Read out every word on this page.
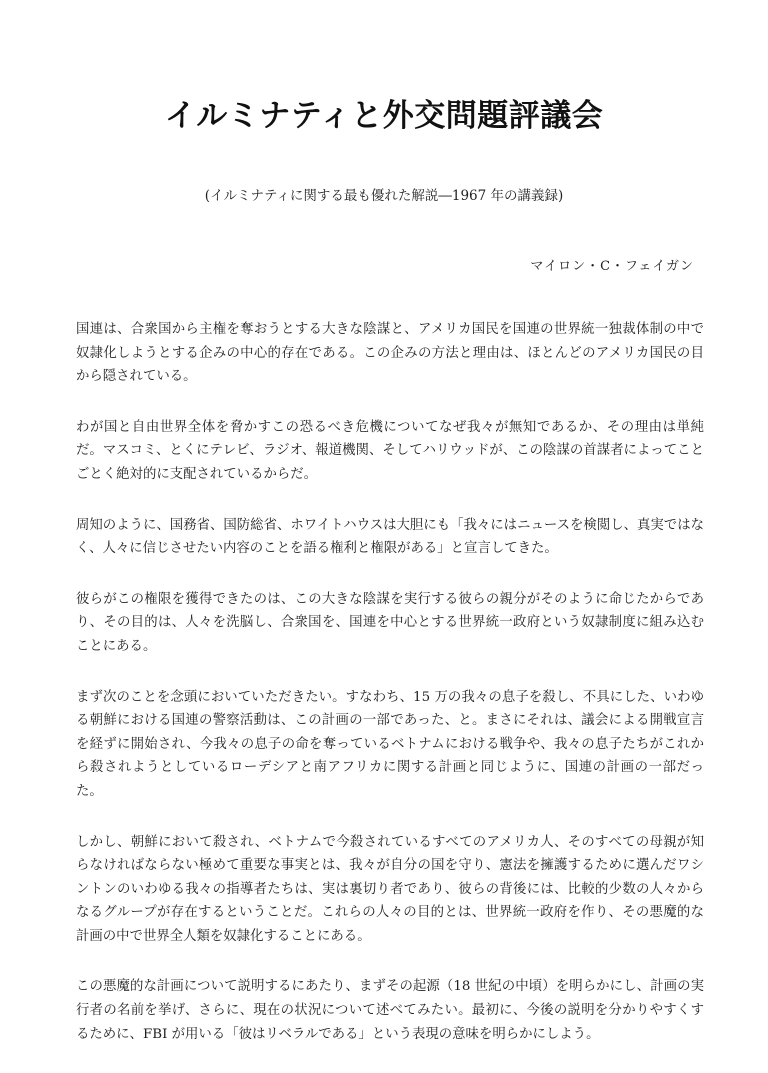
イルミナティと外交問題評議会
(イルミナティに関する最も優れた解説―1967 年の講義録)
マイロン・C・フェイガン

国連は、合衆国から主権を奪おうとする大きな陰謀と、アメリカ国民を国連の世界統一独裁体制の中で奴隷化しようとする企みの中心的存在である。この企みの方法と理由は、ほとんどのアメリカ国民の目から隠されている。

わが国と自由世界全体を脅かすこの恐るべき危機についてなぜ我々が無知であるか、その理由は単純だ。マスコミ、とくにテレビ、ラジオ、報道機関、そしてハリウッドが、この陰謀の首謀者によってことごとく絶対的に支配されているからだ。

周知のように、国務省、国防総省、ホワイトハウスは大胆にも「我々にはニュースを検閲し、真実ではなく、人々に信じさせたい内容のことを語る権利と権限がある」と宣言してきた。

彼らがこの権限を獲得できたのは、この大きな陰謀を実行する彼らの親分がそのように命じたからであり、その目的は、人々を洗脳し、合衆国を、国連を中心とする世界統一政府という奴隷制度に組み込むことにある。

まず次のことを念頭においていただきたい。すなわち、15 万の我々の息子を殺し、不具にした、いわゆる朝鮮における国連の警察活動は、この計画の一部であった、と。まさにそれは、議会による開戦宣言を経ずに開始され、今我々の息子の命を奪っているベトナムにおける戦争や、我々の息子たちがこれから殺されようとしているローデシアと南アフリカに関する計画と同じように、国連の計画の一部だった。

しかし、朝鮮において殺され、ベトナムで今殺されているすべてのアメリカ人、そのすべての母親が知らなければならない極めて重要な事実とは、我々が自分の国を守り、憲法を擁護するために選んだワシントンのいわゆる我々の指導者たちは、実は裏切り者であり、彼らの背後には、比較的少数の人々からなるグループが存在するということだ。これらの人々の目的とは、世界統一政府を作り、その悪魔的な計画の中で世界全人類を奴隷化することにある。

この悪魔的な計画について説明するにあたり、まずその起源（18 世紀の中頃）を明らかにし、計画の実行者の名前を挙げ、さらに、現在の状況について述べてみたい。最初に、今後の説明を分かりやすくするために、FBI が用いる「彼はリベラルである」という表現の意味を明らかにしよう。
